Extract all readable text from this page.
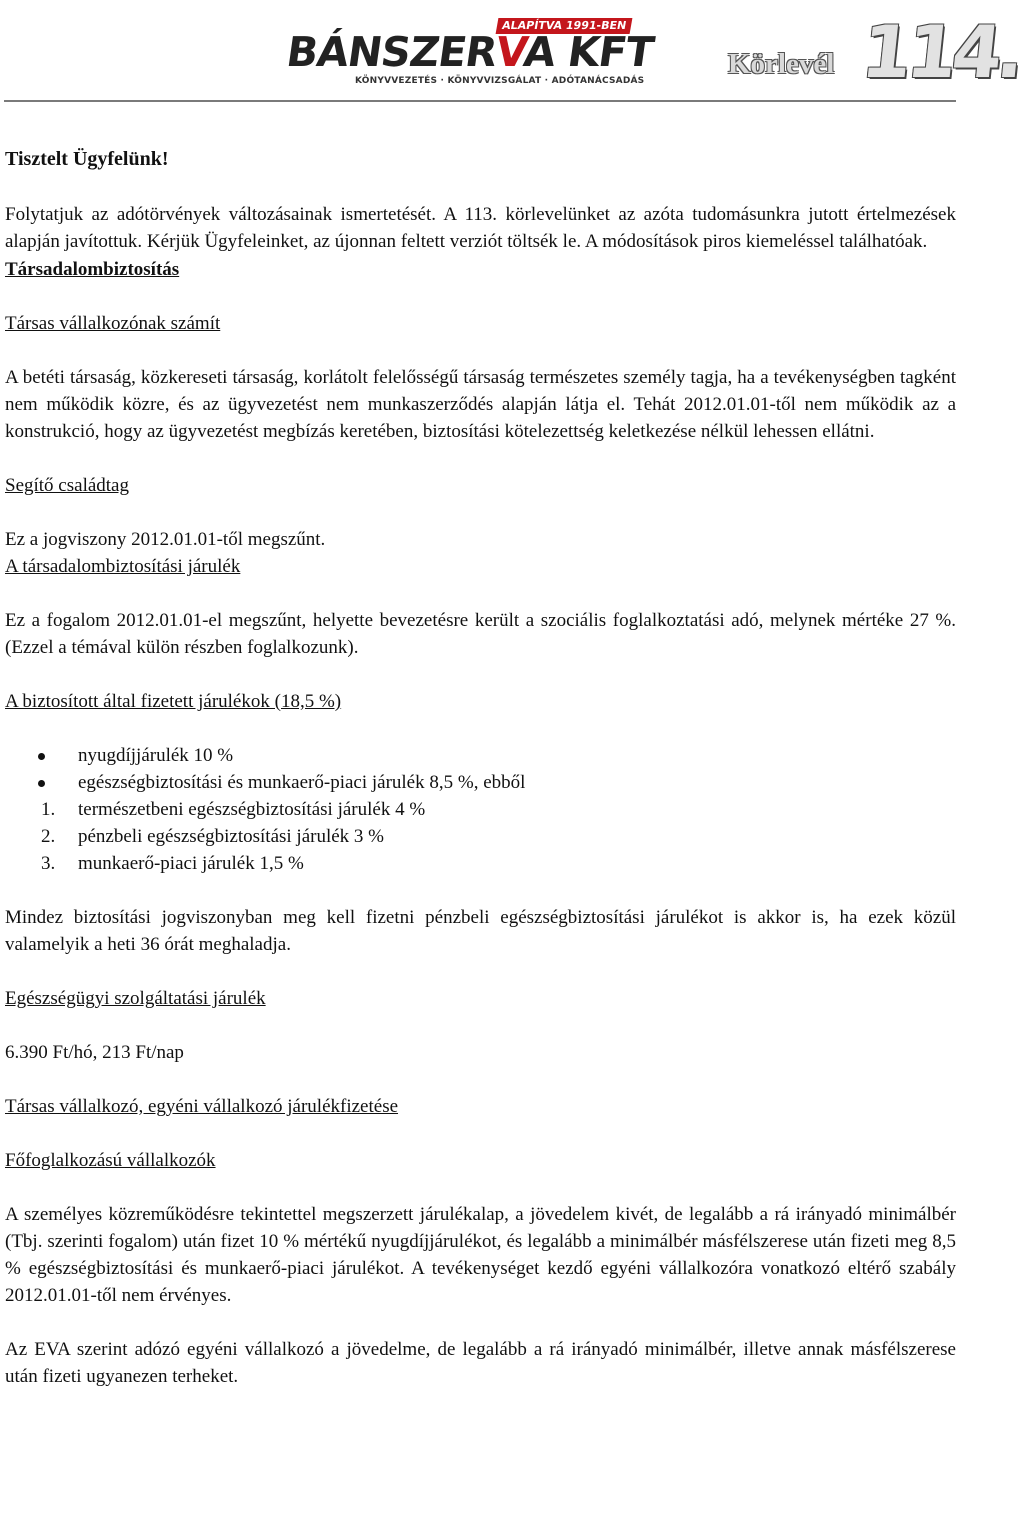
ALAPÍTVA 1991-BEN
BÁNSZERVA KFT
KÖNYVVEZETÉS · KÖNYVVIZSGÁLAT · ADÓTANÁCSADÁS
Körlevél 114.

Tisztelt Ügyfelünk!

Folytatjuk az adótörvények változásainak ismertetését. A 113. körlevelünket az azóta tudomásunkra jutott értelmezések alapján javítottuk. Kérjük Ügyfeleinket, az újonnan feltett verziót töltsék le. A módosítások piros kiemeléssel találhatóak.

Társadalombiztosítás

Társas vállalkozónak számít

A betéti társaság, közkereseti társaság, korlátolt felelősségű társaság természetes személy tagja, ha a tevékenységben tagként nem működik közre, és az ügyvezetést nem munkaszerződés alapján látja el. Tehát 2012.01.01-től nem működik az a konstrukció, hogy az ügyvezetést megbízás keretében, biztosítási kötelezettség keletkezése nélkül lehessen ellátni.

Segítő családtag

Ez a jogviszony 2012.01.01-től megszűnt.

A társadalombiztosítási járulék

Ez a fogalom 2012.01.01-el megszűnt, helyette bevezetésre került a szociális foglalkoztatási adó, melynek mértéke 27 %. (Ezzel a témával külön részben foglalkozunk).

A biztosított által fizetett járulékok (18,5 %)

nyugdíjjárulék 10 %
egészségbiztosítási és munkaerő-piaci járulék 8,5 %, ebből
1. természetbeni egészségbiztosítási járulék 4 %
2. pénzbeli egészségbiztosítási járulék 3 %
3. munkaerő-piaci járulék 1,5 %

Mindez biztosítási jogviszonyban meg kell fizetni pénzbeli egészségbiztosítási járulékot is akkor is, ha ezek közül valamelyik a heti 36 órát meghaladja.

Egészségügyi szolgáltatási járulék

6.390 Ft/hó, 213 Ft/nap

Társas vállalkozó, egyéni vállalkozó járulékfizetése

Főfoglalkozású vállalkozók

A személyes közreműködésre tekintettel megszerzett járulékalap, a jövedelem kivét, de legalább a rá irányadó minimálbér (Tbj. szerinti fogalom) után fizet 10 % mértékű nyugdíjjárulékot, és legalább a minimálbér másfélszerese után fizeti meg 8,5 % egészségbiztosítási és munkaerő-piaci járulékot. A tevékenységet kezdő egyéni vállalkozóra vonatkozó eltérő szabály 2012.01.01-től nem érvényes.

Az EVA szerint adózó egyéni vállalkozó a jövedelme, de legalább a rá irányadó minimálbér, illetve annak másfélszerese után fizeti ugyanezen terheket.
